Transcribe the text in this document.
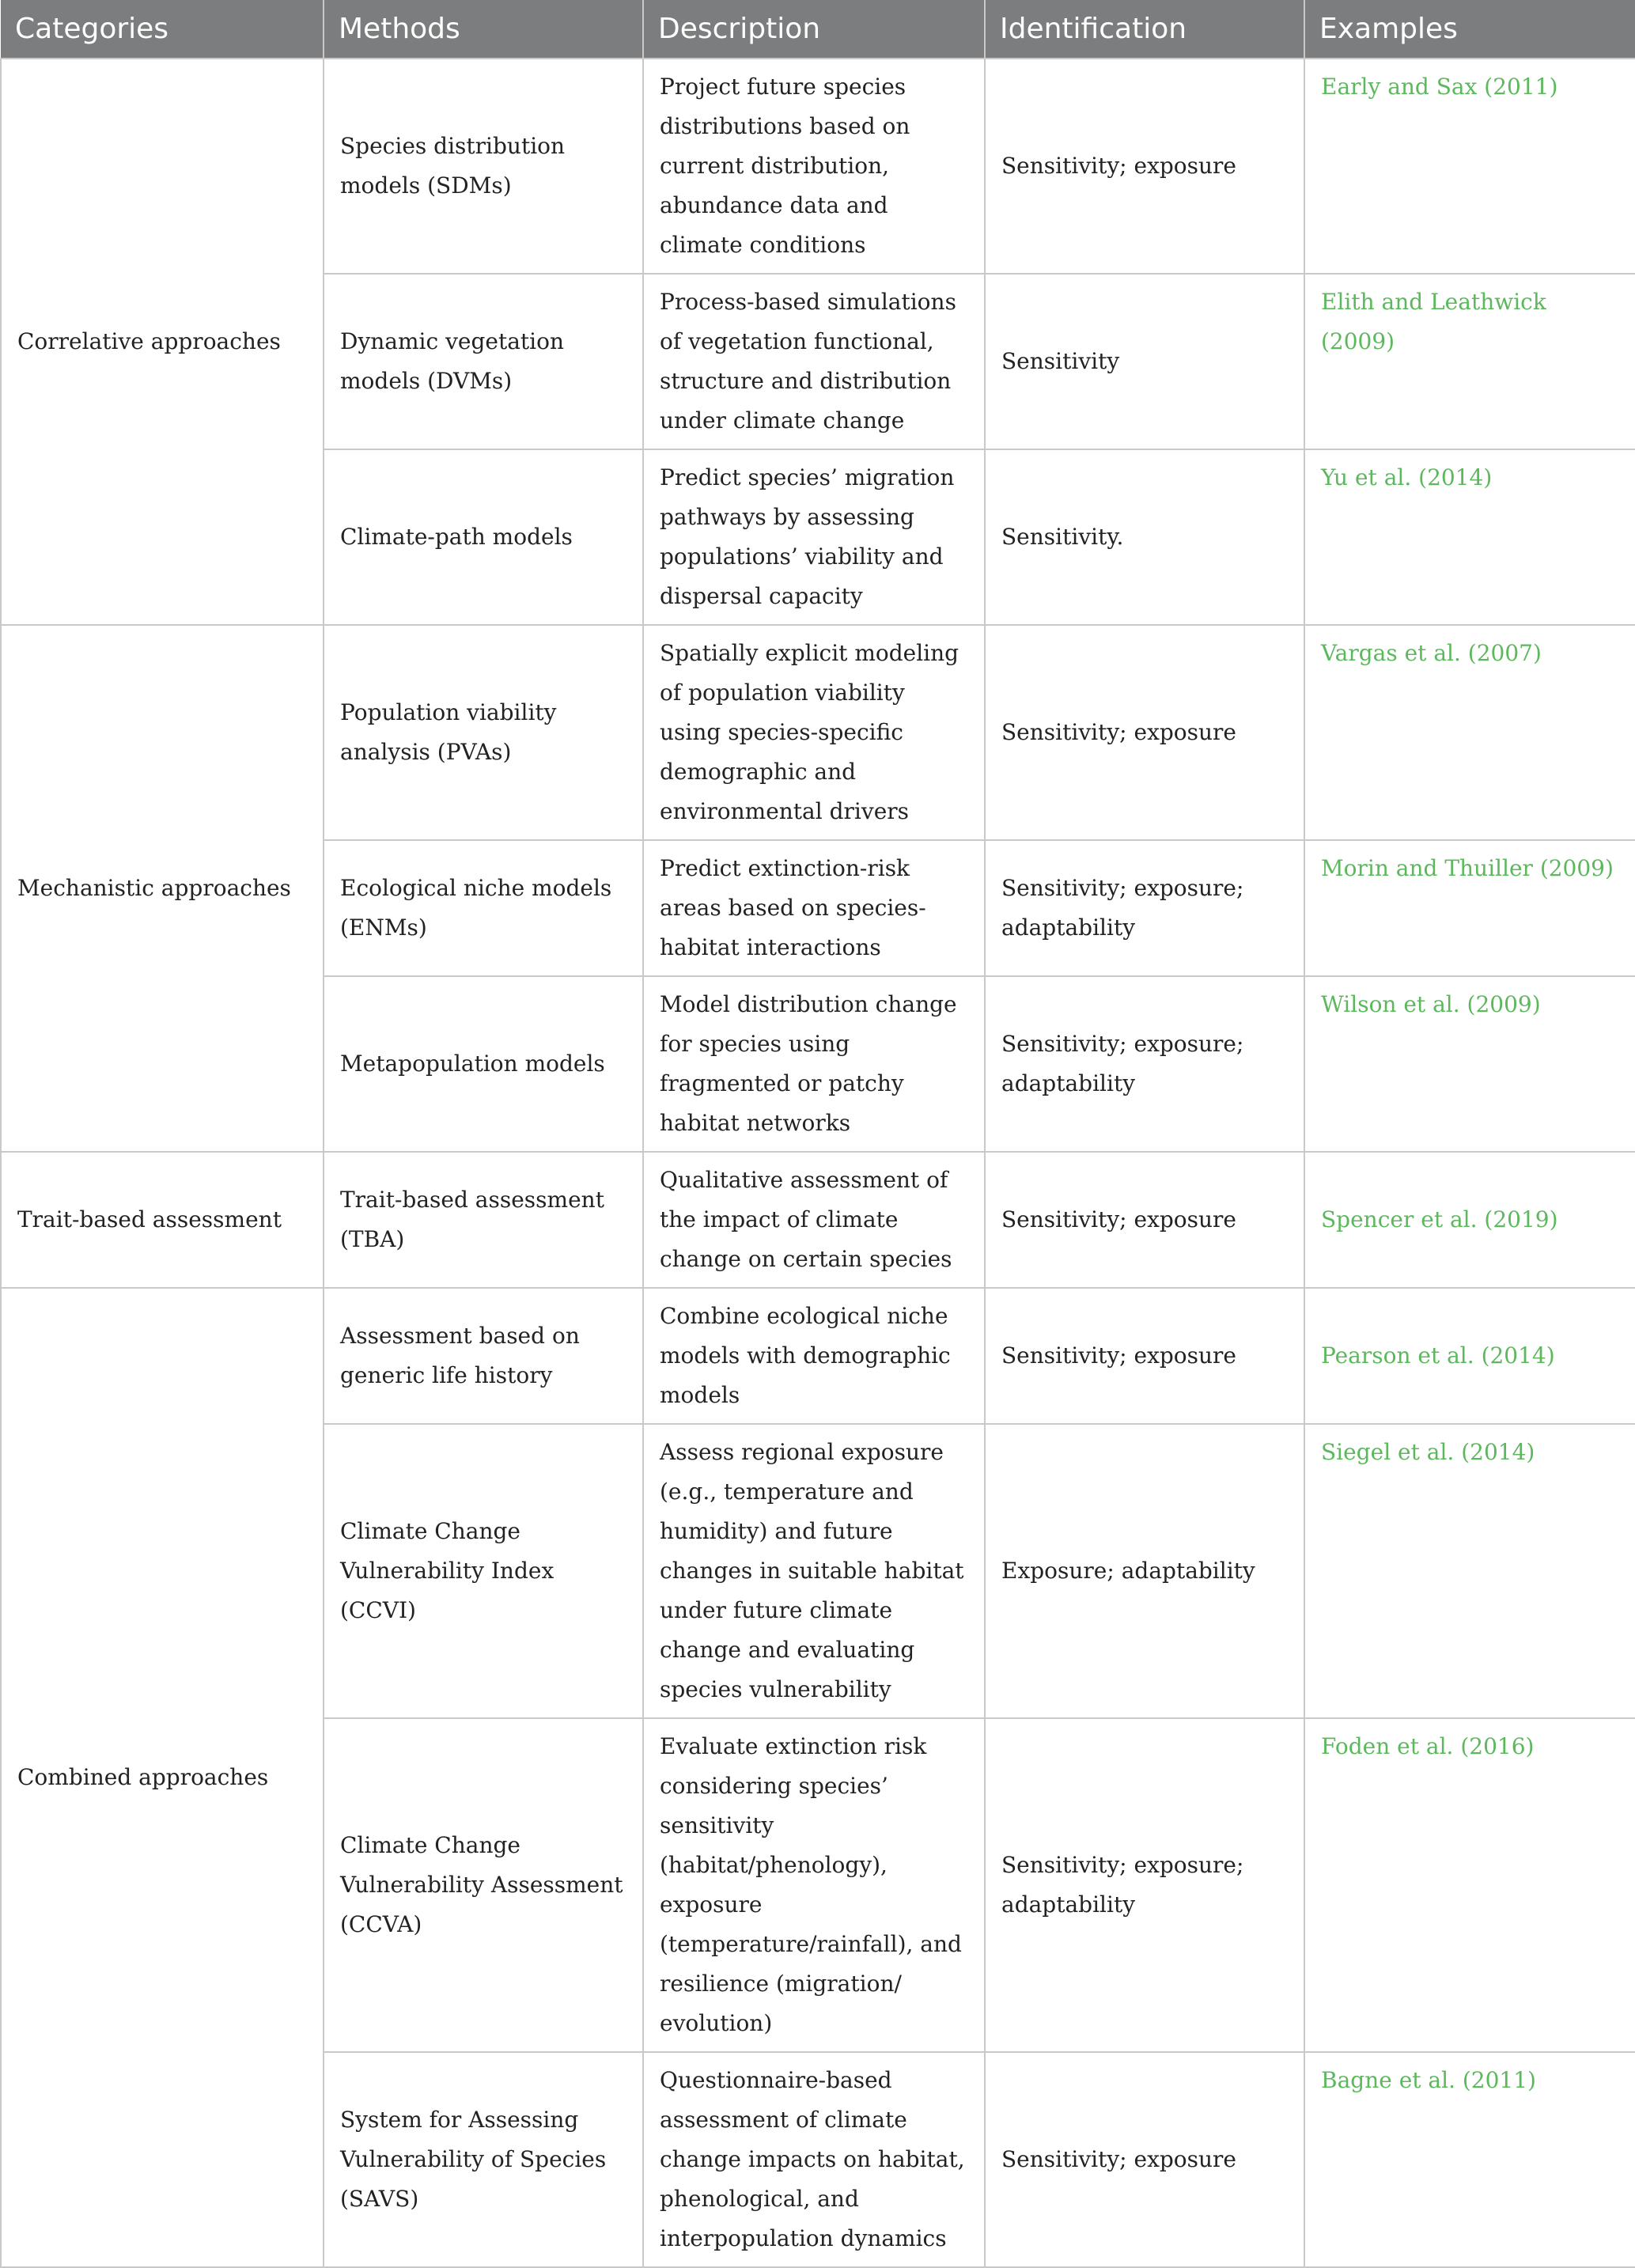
Categories	Methods	Description	Identification	Examples
Correlative approaches	Species distribution models (SDMs)	Project future species distributions based on current distribution, abundance data and climate conditions	Sensitivity; exposure	Early and Sax (2011)
	Dynamic vegetation models (DVMs)	Process-based simulations of vegetation functional, structure and distribution under climate change	Sensitivity	Elith and Leathwick (2009)
	Climate-path models	Predict species’ migration pathways by assessing populations’ viability and dispersal capacity	Sensitivity.	Yu et al. (2014)
Mechanistic approaches	Population viability analysis (PVAs)	Spatially explicit modeling of population viability using species-specific demographic and environmental drivers	Sensitivity; exposure	Vargas et al. (2007)
	Ecological niche models (ENMs)	Predict extinction-risk areas based on species-habitat interactions	Sensitivity; exposure; adaptability	Morin and Thuiller (2009)
	Metapopulation models	Model distribution change for species using fragmented or patchy habitat networks	Sensitivity; exposure; adaptability	Wilson et al. (2009)
Trait-based assessment	Trait-based assessment (TBA)	Qualitative assessment of the impact of climate change on certain species	Sensitivity; exposure	Spencer et al. (2019)
Combined approaches	Assessment based on generic life history	Combine ecological niche models with demographic models	Sensitivity; exposure	Pearson et al. (2014)
	Climate Change Vulnerability Index (CCVI)	Assess regional exposure (e.g., temperature and humidity) and future changes in suitable habitat under future climate change and evaluating species vulnerability	Exposure; adaptability	Siegel et al. (2014)
	Climate Change Vulnerability Assessment (CCVA)	Evaluate extinction risk considering species’ sensitivity (habitat/phenology), exposure (temperature/rainfall), and resilience (migration/ evolution)	Sensitivity; exposure; adaptability	Foden et al. (2016)
	System for Assessing Vulnerability of Species (SAVS)	Questionnaire-based assessment of climate change impacts on habitat, phenological, and interpopulation dynamics	Sensitivity; exposure	Bagne et al. (2011)
